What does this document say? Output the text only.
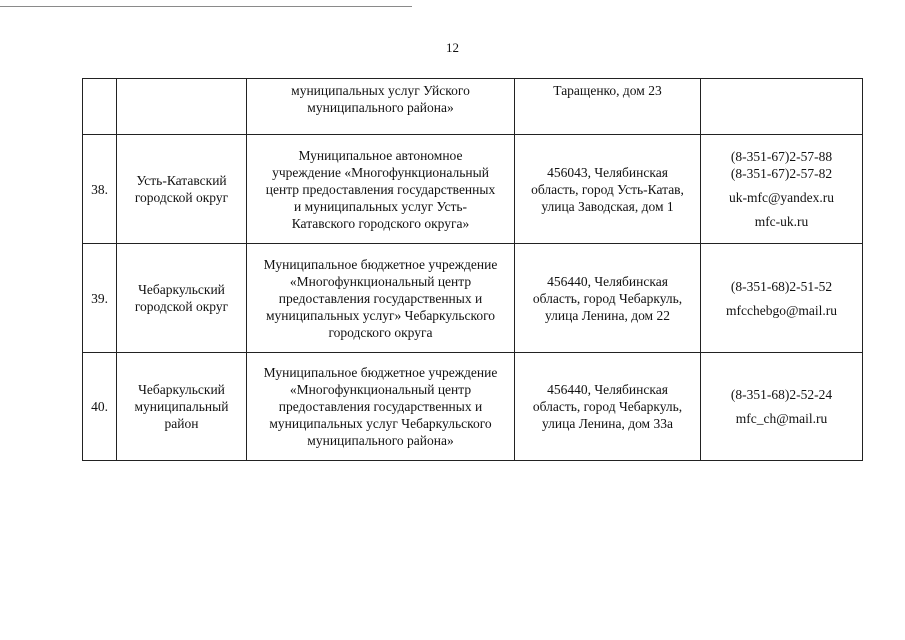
12

		муниципальных услуг Уйского
муниципального района»	Таращенко, дом 23	

38.	Усть-Катавский
городской округ	Муниципальное автономное
учреждение «Многофункциональный
центр предоставления государственных
и муниципальных услуг Усть-
Катавского городского округа»	456043, Челябинская
область, город Усть-Катав,
улица Заводская, дом 1	(8-351-67)2-57-88
(8-351-67)2-57-82
uk-mfc@yandex.ru
mfc-uk.ru

39.	Чебаркульский
городской округ	Муниципальное бюджетное учреждение
«Многофункциональный центр
предоставления государственных и
муниципальных услуг» Чебаркульского
городского округа	456440, Челябинская
область, город Чебаркуль,
улица Ленина, дом 22	(8-351-68)2-51-52
mfcchebgo@mail.ru

40.	Чебаркульский
муниципальный
район	Муниципальное бюджетное учреждение
«Многофункциональный центр
предоставления государственных и
муниципальных услуг Чебаркульского
муниципального района»	456440, Челябинская
область, город Чебаркуль,
улица Ленина, дом 33а	(8-351-68)2-52-24
mfc_ch@mail.ru
